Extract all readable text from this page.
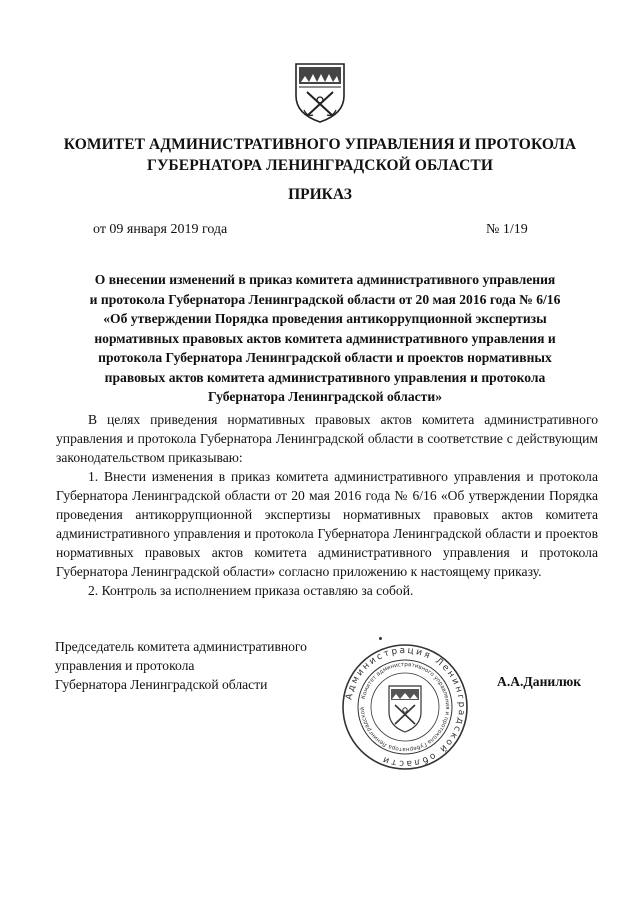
КОМИТЕТ АДМИНИСТРАТИВНОГО УПРАВЛЕНИЯ И ПРОТОКОЛА
ГУБЕРНАТОРА ЛЕНИНГРАДСКОЙ ОБЛАСТИ
ПРИКАЗ
от 09 января 2019 года	№ 1/19
О внесении изменений в приказ комитета административного управления
и протокола Губернатора Ленинградской области от 20 мая 2016 года № 6/16
«Об утверждении Порядка проведения антикоррупционной экспертизы
нормативных правовых актов комитета административного управления и
протокола Губернатора Ленинградской области и проектов нормативных
правовых актов комитета административного управления и протокола
Губернатора Ленинградской области»

В целях приведения нормативных правовых актов комитета административного управления и протокола Губернатора Ленинградской области в соответствие с действующим законодательством приказываю:

1. Внести изменения в приказ комитета административного управления и протокола Губернатора Ленинградской области от 20 мая 2016 года № 6/16 «Об утверждении Порядка проведения антикоррупционной экспертизы нормативных правовых актов комитета административного управления и протокола Губернатора Ленинградской области и проектов нормативных правовых актов комитета административного управления и протокола Губернатора Ленинградской области» согласно приложению к настоящему приказу.

2. Контроль за исполнением приказа оставляю за собой.

Председатель комитета административного
управления и протокола
Губернатора Ленинградской области
Администрация Ленинградской области
Комитет административного управления и протокола Губернатора Ленинградской
А.А.Данилюк
